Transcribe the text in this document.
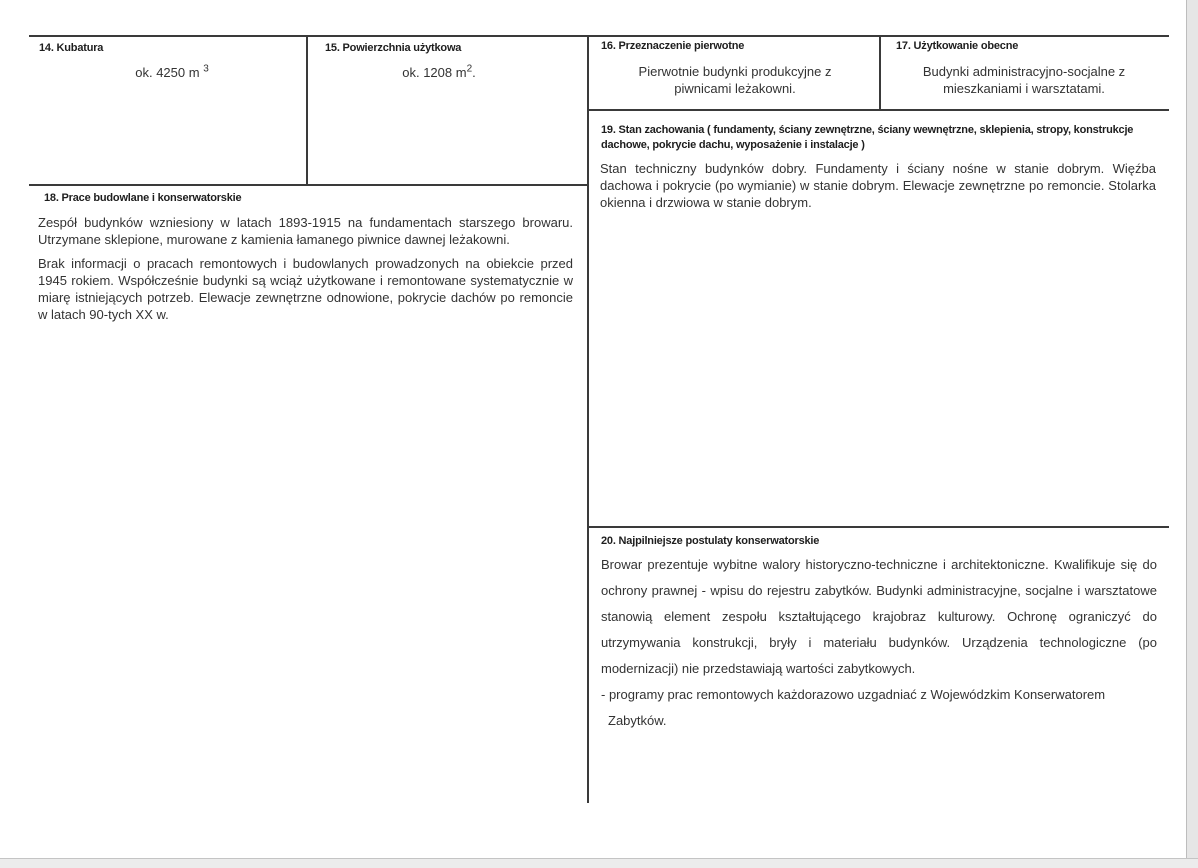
14. Kubatura
ok. 4250 m $^3$
15. Powierzchnia użytkowa
ok. 1208 $m^2$.
16. Przeznaczenie pierwotne
Pierwotnie budynki produkcyjne z piwnicami leżakowni.
17. Użytkowanie obecne
Budynki administracyjno-socjalne z mieszkaniami i warsztatami.
18. Prace budowlane i konserwatorskie

Zespół budynków wzniesiony w latach 1893-1915 na fundamentach starszego browaru. Utrzymane sklepione, murowane z kamienia łamanego piwnice dawnej leżakowni.

Brak informacji o pracach remontowych i budowlanych prowadzonych na obiekcie przed 1945 rokiem. Współcześnie budynki są wciąż użytkowane i remontowane systematycznie w miarę istniejących potrzeb. Elewacje zewnętrzne odnowione, pokrycie dachów po remoncie w latach 90-tych XX w.

19. Stan zachowania ( fundamenty, ściany zewnętrzne, ściany wewnętrzne, sklepienia, stropy, konstrukcje dachowe, pokrycie dachu, wyposażenie i instalacje )
Stan techniczny budynków dobry. Fundamenty i ściany nośne w stanie dobrym. Więźba dachowa i pokrycie (po wymianie) w stanie dobrym. Elewacje zewnętrzne po remoncie. Stolarka okienna i drzwiowa w stanie dobrym.
20. Najpilniejsze postulaty konserwatorskie

Browar prezentuje wybitne walory historyczno-techniczne i architektoniczne. Kwalifikuje się do ochrony prawnej - wpisu do rejestru zabytków. Budynki administracyjne, socjalne i warsztatowe stanowią element zespołu kształtującego krajobraz kulturowy. Ochronę ograniczyć do utrzymywania konstrukcji, bryły i materiału budynków. Urządzenia technologiczne (po modernizacji) nie przedstawiają wartości zabytkowych.

- programy prac remontowych każdorazowo uzgadniać z Wojewódzkim Konserwatorem

Zabytków.
